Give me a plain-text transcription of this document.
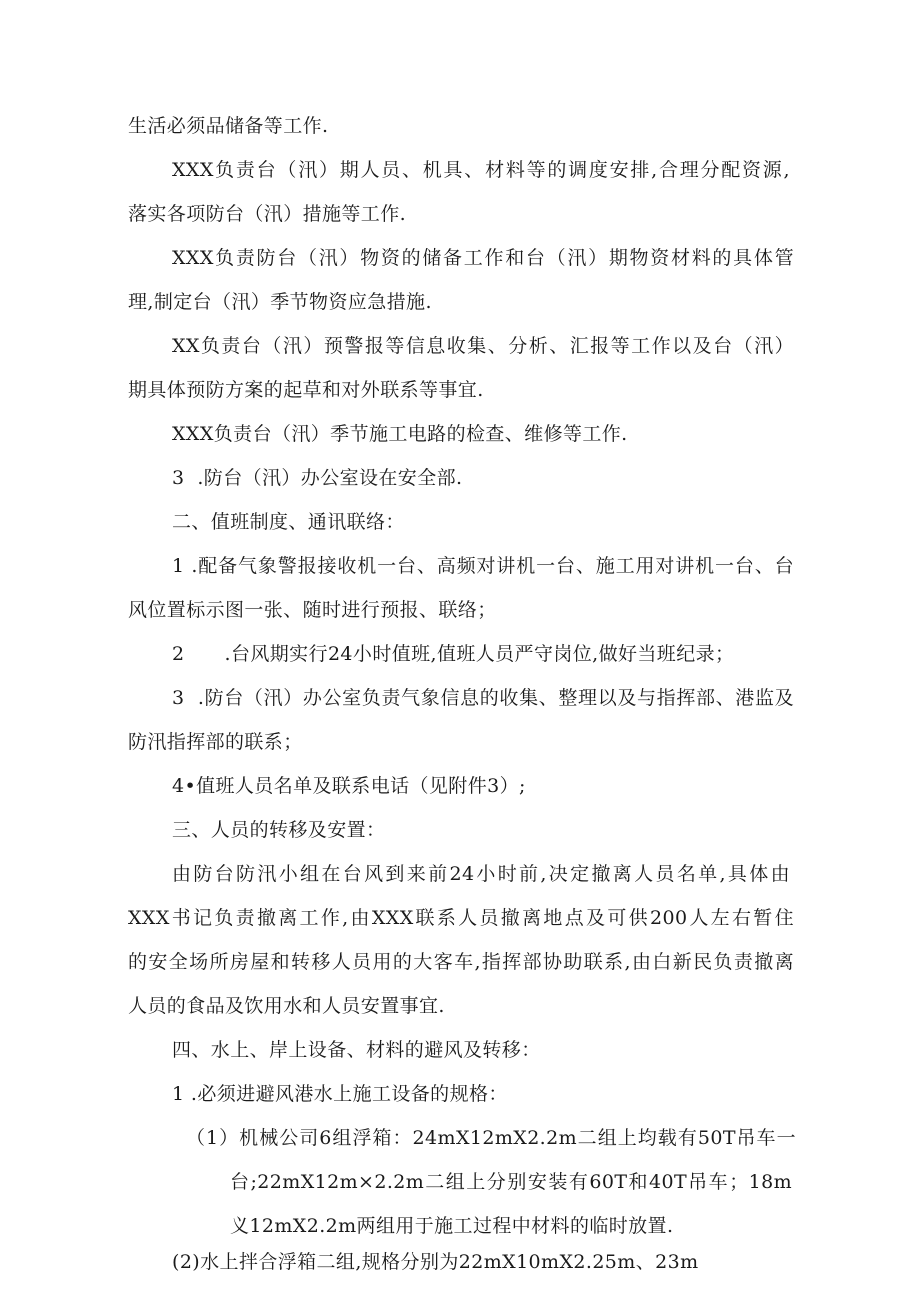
生活必须品储备等工作.
XXX负责台（汛）期人员、机具、材料等的调度安排,合理分配资源,
落实各项防台（汛）措施等工作.
XXX负责防台（汛）物资的储备工作和台（汛）期物资材料的具体管
理,制定台（汛）季节物资应急措施.
XX负责台（汛）预警报等信息收集、分析、汇报等工作以及台（汛）
期具体预防方案的起草和对外联系等事宜.
XXX负责台（汛）季节施工电路的检查、维修等工作.
3  .防台（汛）办公室设在安全部.
二、值班制度、通讯联络：
1 .配备气象警报接收机一台、高频对讲机一台、施工用对讲机一台、台
风位置标示图一张、随时进行预报、联络；
2 .台风期实行24小时值班,值班人员严守岗位,做好当班纪录；
3  .防台（汛）办公室负责气象信息的收集、整理以及与指挥部、港监及
防汛指挥部的联系；
4•值班人员名单及联系电话（见附件3）;
三、人员的转移及安置：
由防台防汛小组在台风到来前24小时前,决定撤离人员名单,具体由
XXX书记负责撤离工作,由XXX联系人员撤离地点及可供200人左右暂住
的安全场所房屋和转移人员用的大客车,指挥部协助联系,由白新民负责撤离
人员的食品及饮用水和人员安置事宜.
四、水上、岸上设备、材料的避风及转移：
1 .必须进避风港水上施工设备的规格：
（1）机械公司6组浮箱：24mX12mX2.2m二组上均载有50T吊车一
台;22mX12m×2.2m二组上分别安装有60T和40T吊车；18m
义12mX2.2m两组用于施工过程中材料的临时放置.
(2)水上拌合浮箱二组,规格分别为22mX10mX2.25m、23m
